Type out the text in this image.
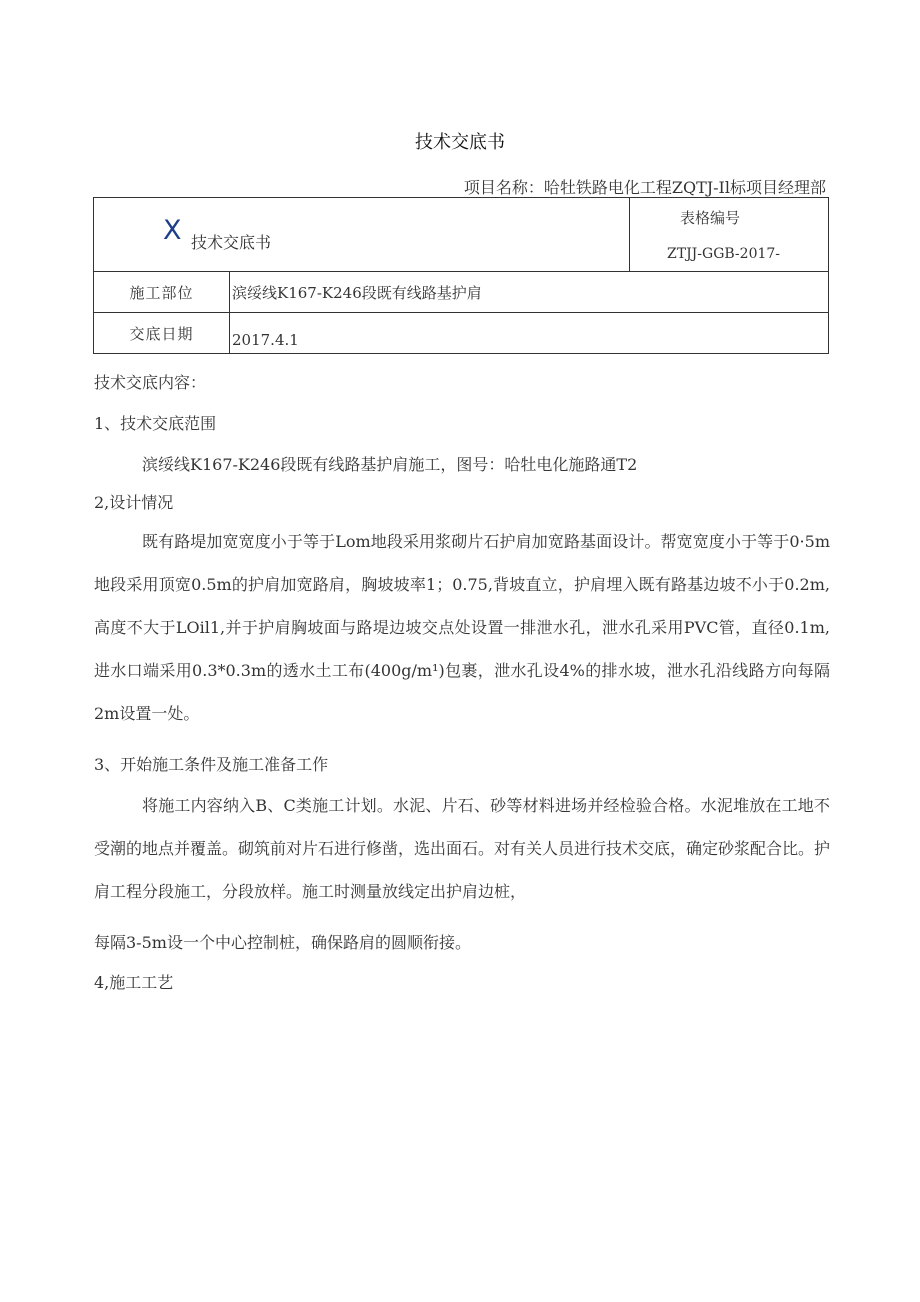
技术交底书
项目名称：哈牡铁路电化工程ZQTJ-Il标项目经理部
X 技术交底书		表格编号
ZTJJ-GGB-2017-

施工部位	滨绥线K167-K246段既有线路基护肩	
交底日期	2017.4.1	
技术交底内容：
1、技术交底范围
滨绥线K167-K246段既有线路基护肩施工，图号：哈牡电化施路通T2
2,设计情况
既有路堤加宽宽度小于等于Lom地段采用浆砌片石护肩加宽路基面设计。帮宽宽度小于等于0·5m地段采用顶宽0.5m的护肩加宽路肩，胸坡坡率1；0.75,背坡直立，护肩埋入既有路基边坡不小于0.2m,高度不大于LOil1,并于护肩胸坡面与路堤边坡交点处设置一排泄水孔，泄水孔采用PVC管，直径0.1m,进水口端采用0.3*0.3m的透水土工布(400g∕m¹)包裹，泄水孔设4%的排水坡，泄水孔沿线路方向每隔2m设置一处。
3、开始施工条件及施工准备工作
将施工内容纳入B、C类施工计划。水泥、片石、砂等材料进场并经检验合格。水泥堆放在工地不受潮的地点并覆盖。砌筑前对片石进行修凿，选出面石。对有关人员进行技术交底，确定砂浆配合比。护肩工程分段施工，分段放样。施工时测量放线定出护肩边桩，
每隔3-5m设一个中心控制桩，确保路肩的圆顺衔接。
4,施工工艺
